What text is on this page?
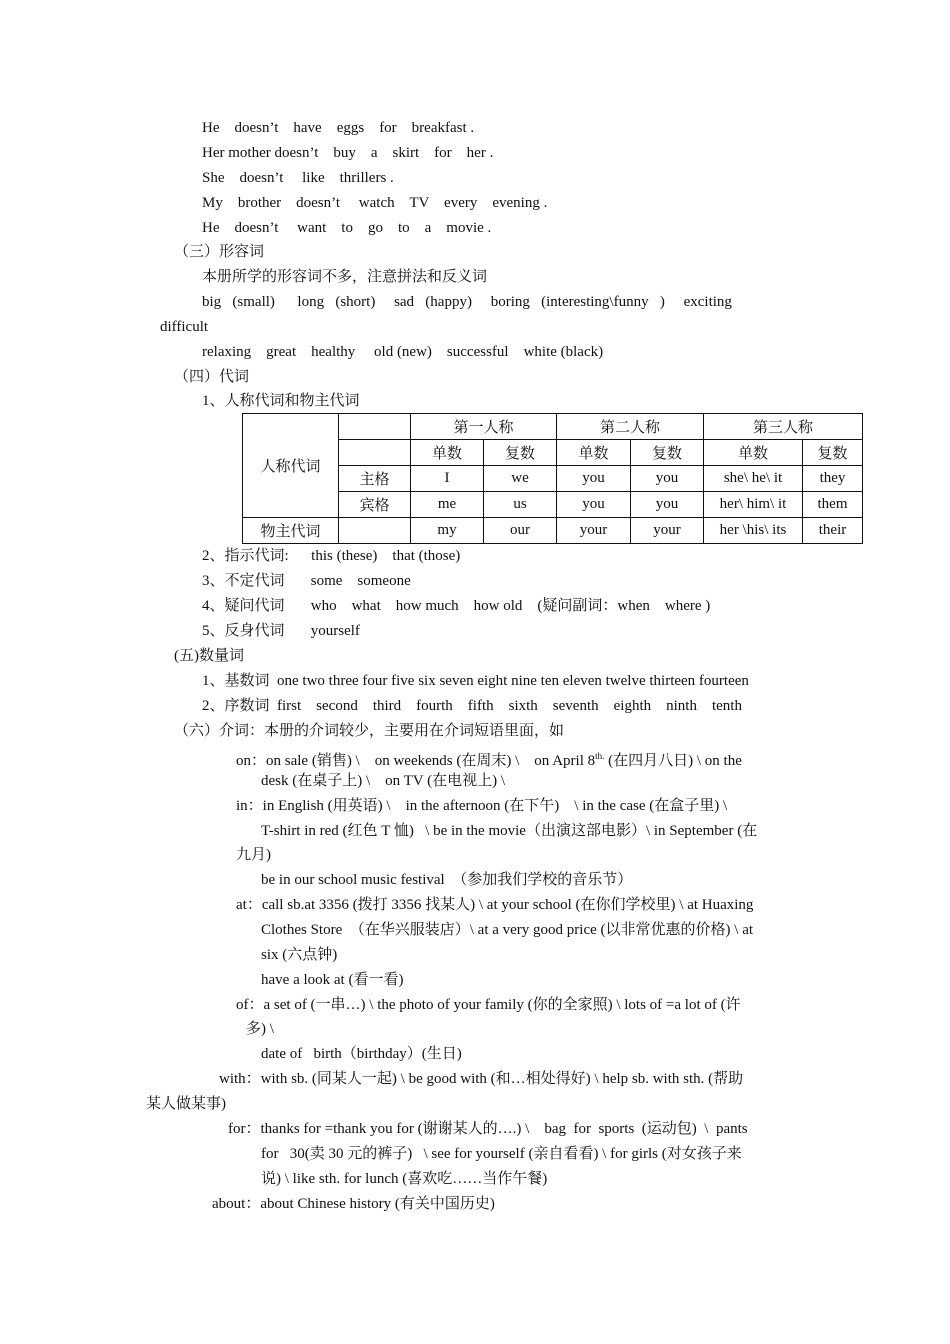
He    doesn’t    have    eggs    for    breakfast .
Her mother doesn’t    buy    a    skirt    for    her .
She    doesn’t     like    thrillers .
My    brother    doesn’t     watch    TV    every    evening .
He    doesn’t     want    to    go    to    a    movie .
（三）形容词
本册所学的形容词不多，注意拼法和反义词
big   (small)      long   (short)     sad   (happy)     boring   (interesting\funny   )     exciting
difficult
relaxing    great    healthy     old (new)    successful    white (black)
（四）代词
1、人称代词和物主代词
人称代词		第一人称		第二人称		第三人称	
		单数	复数	单数	复数	单数	复数
	主格	I	we	you	you	she\ he\ it	they
	宾格	me	us	you	you	her\ him\ it	them
物主代词		my	our	your	your	her \his\ its	their
2、指示代词:      this (these)    that (those)
3、不定代词       some    someone
4、疑问代词       who    what    how much    how old    (疑问副词：when    where )
5、反身代词       yourself
(五)数量词
1、基数词  one two three four five six seven eight nine ten eleven twelve thirteen fourteen
2、序数词  first    second    third    fourth    fifth    sixth    seventh    eighth    ninth    tenth
（六）介词：本册的介词较少，主要用在介词短语里面，如
on：on sale (销售) \    on weekends (在周末) \    on April $8^{th.}$ (在四月八日) \ on the
desk (在桌子上) \    on TV (在电视上) \
in：in English (用英语) \    in the afternoon (在下午)    \ in the case (在盒子里) \
T-shirt in red (红色 T 恤)   \ be in the movie（出演这部电影）\ in September (在
九月)
be in our school music festival  （参加我们学校的音乐节）
at：call sb.at 3356 (拨打 3356 找某人) \ at your school (在你们学校里) \ at Huaxing
Clothes Store  （在华兴服装店）\ at a very good price (以非常优惠的价格) \ at
six (六点钟)
have a look at (看一看)
of：a set of (一串…) \ the photo of your family (你的全家照) \ lots of =a lot of (许
多) \
date of   birth（birthday）(生日)
with：with sb. (同某人一起) \ be good with (和…相处得好) \ help sb. with sth. (帮助
某人做某事)
for：thanks for =thank you for (谢谢某人的….) \    bag  for  sports  (运动包)  \  pants
for   30(卖 30 元的裤子)   \ see for yourself (亲自看看) \ for girls (对女孩子来
说) \ like sth. for lunch (喜欢吃……当作午餐)
about：about Chinese history (有关中国历史)
